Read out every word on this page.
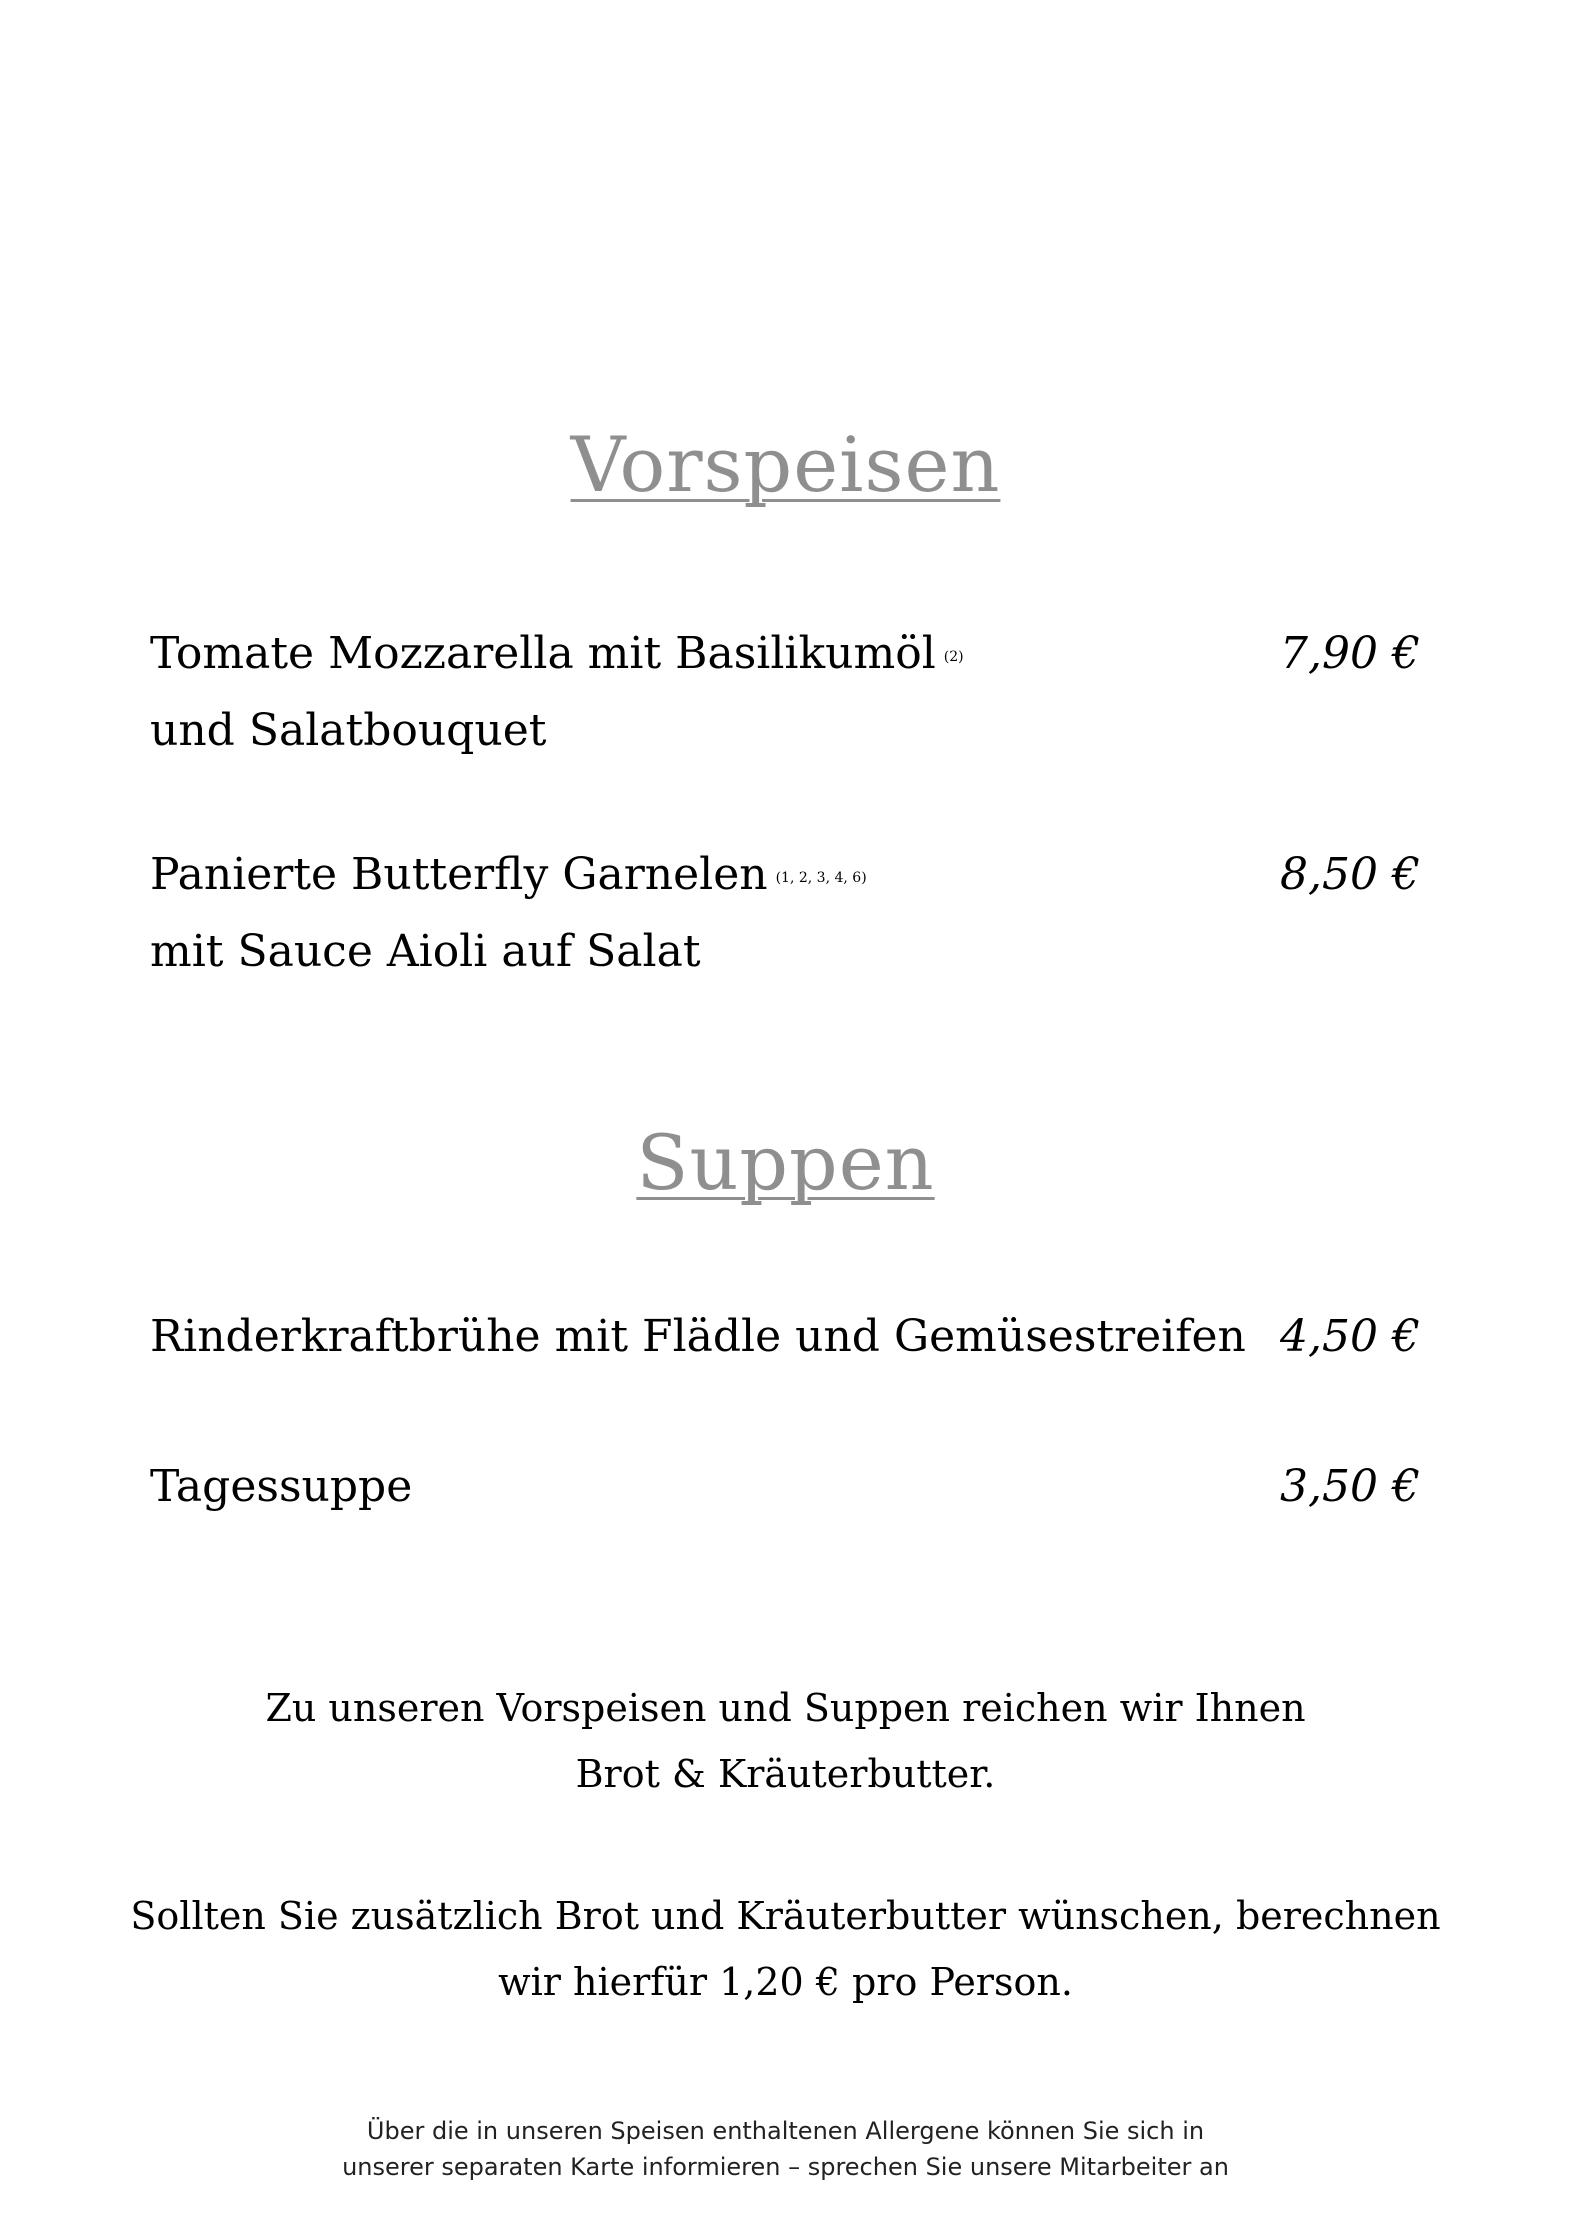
Vorspeisen
Tomate Mozzarella mit Basilikumöl (2)
und Salatbouquet
7,90 €
Panierte Butterfly Garnelen (1, 2, 3, 4, 6)
mit Sauce Aioli auf Salat
8,50 €
Suppen
Rinderkraftbrühe mit Flädle und Gemüsestreifen 4,50 €
Tagessuppe	3,50 €
Zu unseren Vorspeisen und Suppen reichen wir Ihnen
Brot & Kräuterbutter.
Sollten Sie zusätzlich Brot und Kräuterbutter wünschen, berechnen
wir hierfür 1,20 € pro Person.
Über die in unseren Speisen enthaltenen Allergene können Sie sich in
unserer separaten Karte informieren – sprechen Sie unsere Mitarbeiter an
